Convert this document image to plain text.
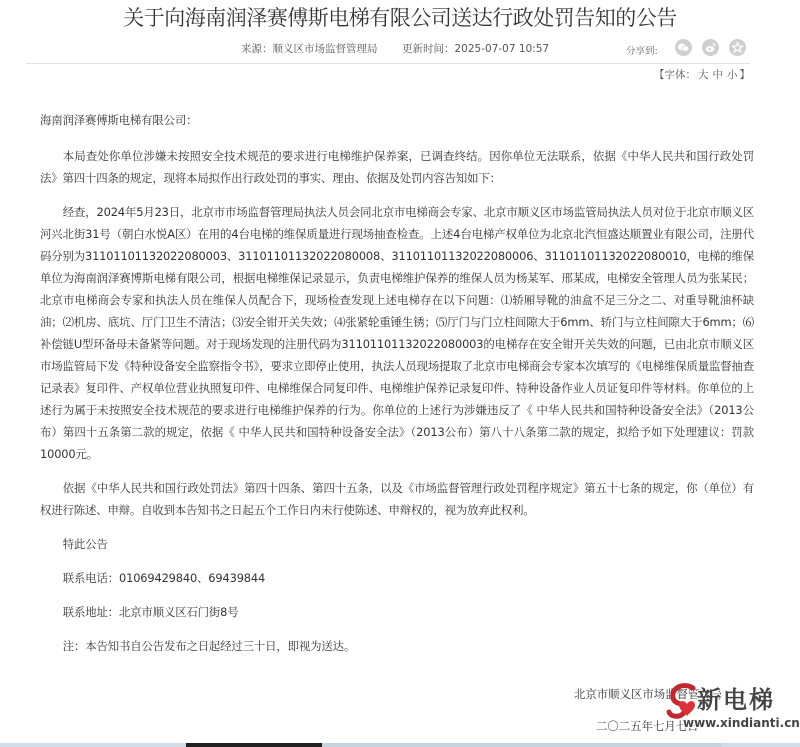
关于向海南润泽赛傅斯电梯有限公司送达行政处罚告知的公告
来源：顺义区市场监督管理局 更新时间：2025-07-07 10:57	分享到:
【字体： 大 中 小 】

海南润泽赛傅斯电梯有限公司：

本局查处你单位涉嫌未按照安全技术规范的要求进行电梯维护保养案，已调查终结。因你单位无法联系，依据《中华人民共和国行政处罚法》第四十四条的规定，现将本局拟作出行政处罚的事实、理由、依据及处罚内容告知如下：

经查，2024年5月23日，北京市市场监督管理局执法人员会同北京市电梯商会专家、北京市顺义区市场监管局执法人员对位于北京市顺义区河兴北街31号（朝白水悦A区）在用的4台电梯的维保质量进行现场抽查检查。上述4台电梯产权单位为北京北汽恒盛达顺置业有限公司，注册代码分别为31101101132022080003、31101101132022080008、31101101132022080006、31101101132022080010，电梯的维保单位为海南润泽赛博斯电梯有限公司，根据电梯维保记录显示，负责电梯维护保养的维保人员为杨某军、邢某成，电梯安全管理人员为张某民；北京市电梯商会专家和执法人员在维保人员配合下，现场检查发现上述电梯存在以下问题：⑴轿厢导靴的油盒不足三分之二、对重导靴油杯缺油；⑵机房、底坑、厅门卫生不清洁；⑶安全钳开关失效；⑷张紧轮重锤生锈；⑸厅门与门立柱间隙大于6mm、轿门与立柱间隙大于6mm；⑹补偿链U型环备母未备紧等问题。对于现场发现的注册代码为31101101132022080003的电梯存在安全钳开关失效的问题，已由北京市顺义区市场监管局下发《特种设备安全监察指令书》，要求立即停止使用，执法人员现场提取了北京市电梯商会专家本次填写的《电梯维保质量监督抽查记录表》复印件、产权单位营业执照复印件、电梯维保合同复印件、电梯维护保养记录复印件、特种设备作业人员证复印件等材料。你单位的上述行为属于未按照安全技术规范的要求进行电梯维护保养的行为。你单位的上述行为涉嫌违反了《 中华人民共和国特种设备安全法》（2013公布）第四十五条第二款的规定，依据《 中华人民共和国特种设备安全法》（2013公布）第八十八条第二款的规定，拟给予如下处理建议：罚款10000元。

依据《中华人民共和国行政处罚法》第四十四条、第四十五条，以及《市场监督管理行政处罚程序规定》第五十七条的规定，你（单位）有权进行陈述、申辩。自收到本告知书之日起五个工作日内未行使陈述、申辩权的，视为放弃此权利。

特此公告

联系电话：01069429840、69439844

联系地址：北京市顺义区石门街8号

注：本告知书自公告发布之日起经过三十日，即视为送达。

北京市顺义区市场监督管理局
二〇二五年七月七日
新电梯
www.xindianti.cn
